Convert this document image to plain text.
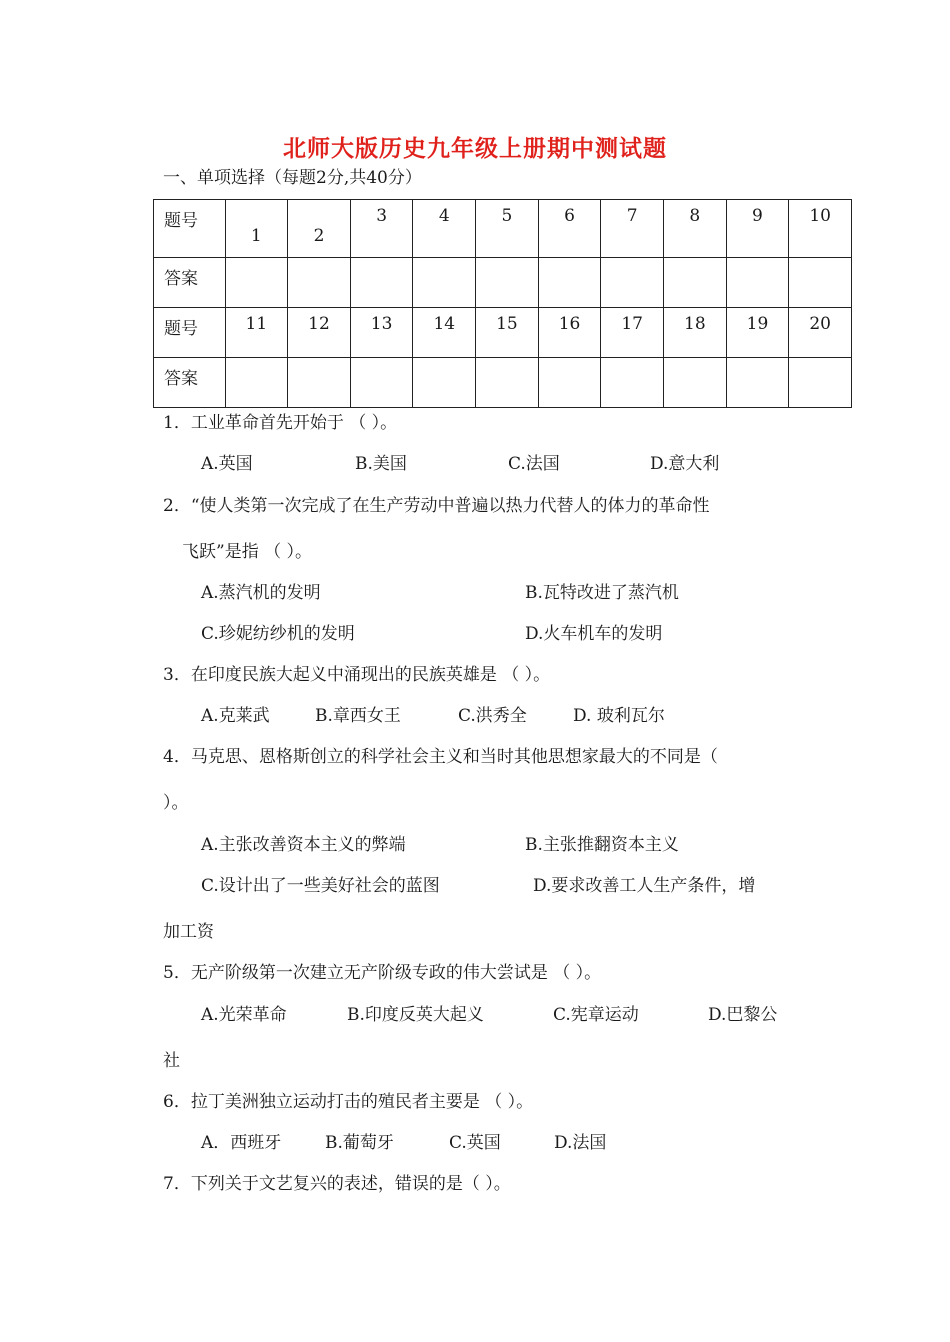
北师大版历史九年级上册期中测试题
一、单项选择（每题2分,共40分）
题号	1	2	3	4	5	6	7	8	9	10
答案										
题号	11	12	13	14	15	16	17	18	19	20
答案										
1．工业革命首先开始于 （ ）。
A.英国	B.美国	C.法国	D.意大利
2．“使人类第一次完成了在生产劳动中普遍以热力代替人的体力的革命性
飞跃”是指 （ ）。
A.蒸汽机的发明	B.瓦特改进了蒸汽机
C.珍妮纺纱机的发明	D.火车机车的发明
3．在印度民族大起义中涌现出的民族英雄是 （ ）。
A.克莱武	B.章西女王	C.洪秀全	D. 玻利瓦尔
4．马克思、恩格斯创立的科学社会主义和当时其他思想家最大的不同是（
）。
A.主张改善资本主义的弊端	B.主张推翻资本主义
C.设计出了一些美好社会的蓝图	D.要求改善工人生产条件，增
加工资
5．无产阶级第一次建立无产阶级专政的伟大尝试是 （ ）。
A.光荣革命	B.印度反英大起义	C.宪章运动	D.巴黎公
社
6．拉丁美洲独立运动打击的殖民者主要是 （ ）。
A．西班牙	B.葡萄牙	C.英国	D.法国
7．下列关于文艺复兴的表述，错误的是（ ）。
